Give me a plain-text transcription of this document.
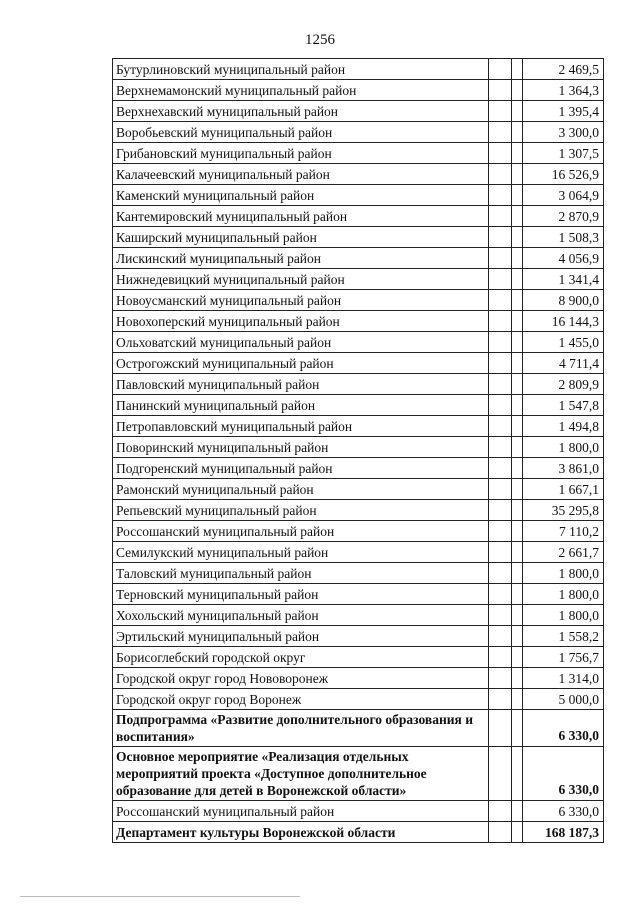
1256
Бутурлиновский муниципальный район			2 469,5
Верхнемамонский муниципальный район			1 364,3
Верхнехавский муниципальный район			1 395,4
Воробьевский муниципальный район			3 300,0
Грибановский муниципальный район			1 307,5
Калачеевский муниципальный район			16 526,9
Каменский муниципальный район			3 064,9
Кантемировский муниципальный район			2 870,9
Каширский муниципальный район			1 508,3
Лискинский муниципальный район			4 056,9
Нижнедевицкий муниципальный район			1 341,4
Новоусманский муниципальный район			8 900,0
Новохоперский муниципальный район			16 144,3
Ольховатский муниципальный район			1 455,0
Острогожский муниципальный район			4 711,4
Павловский муниципальный район			2 809,9
Панинский муниципальный район			1 547,8
Петропавловский муниципальный район			1 494,8
Поворинский муниципальный район			1 800,0
Подгоренский муниципальный район			3 861,0
Рамонский муниципальный район			1 667,1
Репьевский муниципальный район			35 295,8
Россошанский муниципальный район			7 110,2
Семилукский муниципальный район			2 661,7
Таловский муниципальный район			1 800,0
Терновский муниципальный район			1 800,0
Хохольский муниципальный район			1 800,0
Эртильский муниципальный район			1 558,2
Борисоглебский городской округ			1 756,7
Городской округ город Нововоронеж			1 314,0
Городской округ город Воронеж			5 000,0
Подпрограмма «Развитие дополнительного образования и воспитания»			6 330,0
Основное мероприятие «Реализация отдельных мероприятий проекта «Доступное дополнительное образование для детей в Воронежской области»			6 330,0
Россошанский муниципальный район			6 330,0
Департамент культуры Воронежской области			168 187,3
